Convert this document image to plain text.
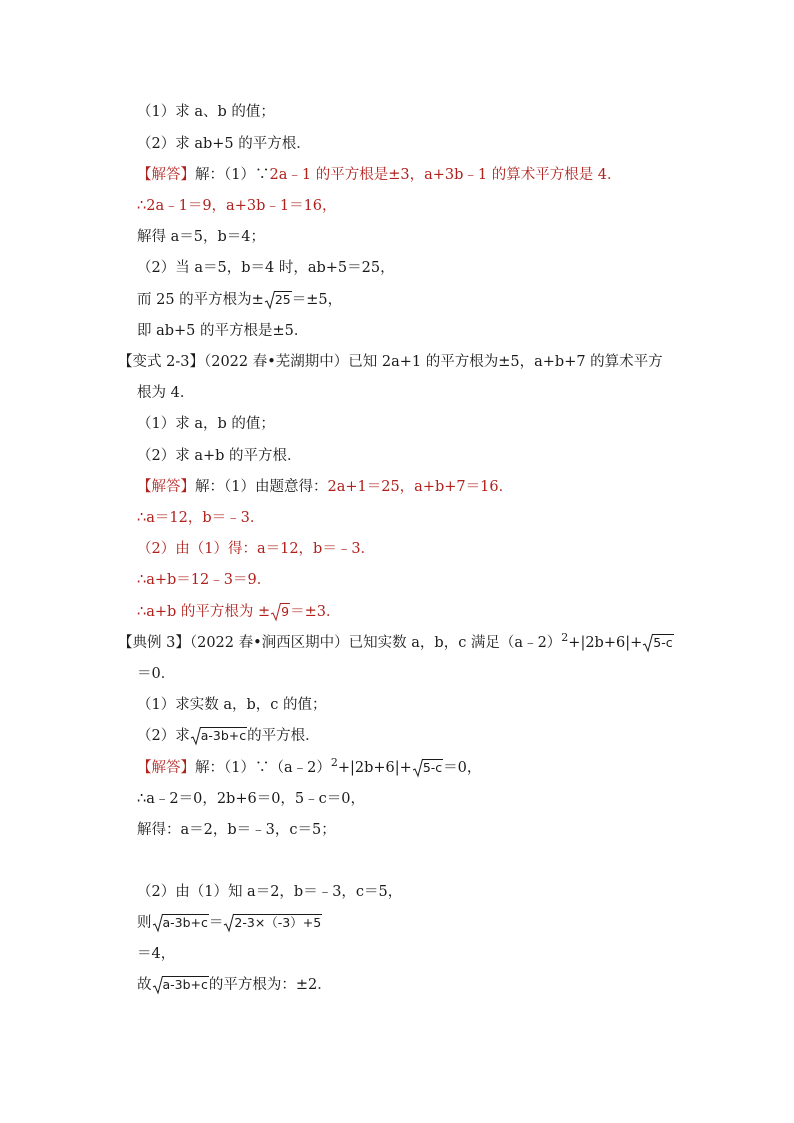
（1）求 a、b 的值；
（2）求 ab+5 的平方根．
【解答】解：（1）∵2a﹣1 的平方根是±3，a+3b﹣1 的算术平方根是 4．
∴2a﹣1＝9，a+3b﹣1＝16，
解得 a＝5，b＝4；
（2）当 a＝5，b＝4 时，ab+5＝25，
而 25 的平方根为± 25＝±5，
即 ab+5 的平方根是±5．
【变式 2-3】（2022 春•芜湖期中）已知 2a+1 的平方根为±5，a+b+7 的算术平方
根为 4．
（1）求 a，b 的值；
（2）求 a+b 的平方根．
【解答】解：（1）由题意得：2a+1＝25，a+b+7＝16．
∴a＝12，b＝﹣3．
（2）由（1）得：a＝12，b＝﹣3．
∴a+b＝12﹣3＝9．
∴a+b 的平方根为 ± 9＝±3．
【典例 3】（2022 春•涧西区期中）已知实数 a，b，c 满足（a﹣2）$^2$+|2b+6|+ 5-c
＝0．
（1）求实数 a，b，c 的值；
（2）求 a-3b+c的平方根．
【解答】解：（1）∵（a﹣2）$^2$+|2b+6|+ 5-c＝0，
∴a﹣2＝0，2b+6＝0，5﹣c＝0，
解得：a＝2，b＝﹣3，c＝5；
（2）由（1）知 a＝2，b＝﹣3，c＝5，
则 a-3b+c＝ 2-3×（-3）+5
＝4，
故 a-3b+c的平方根为：±2．
